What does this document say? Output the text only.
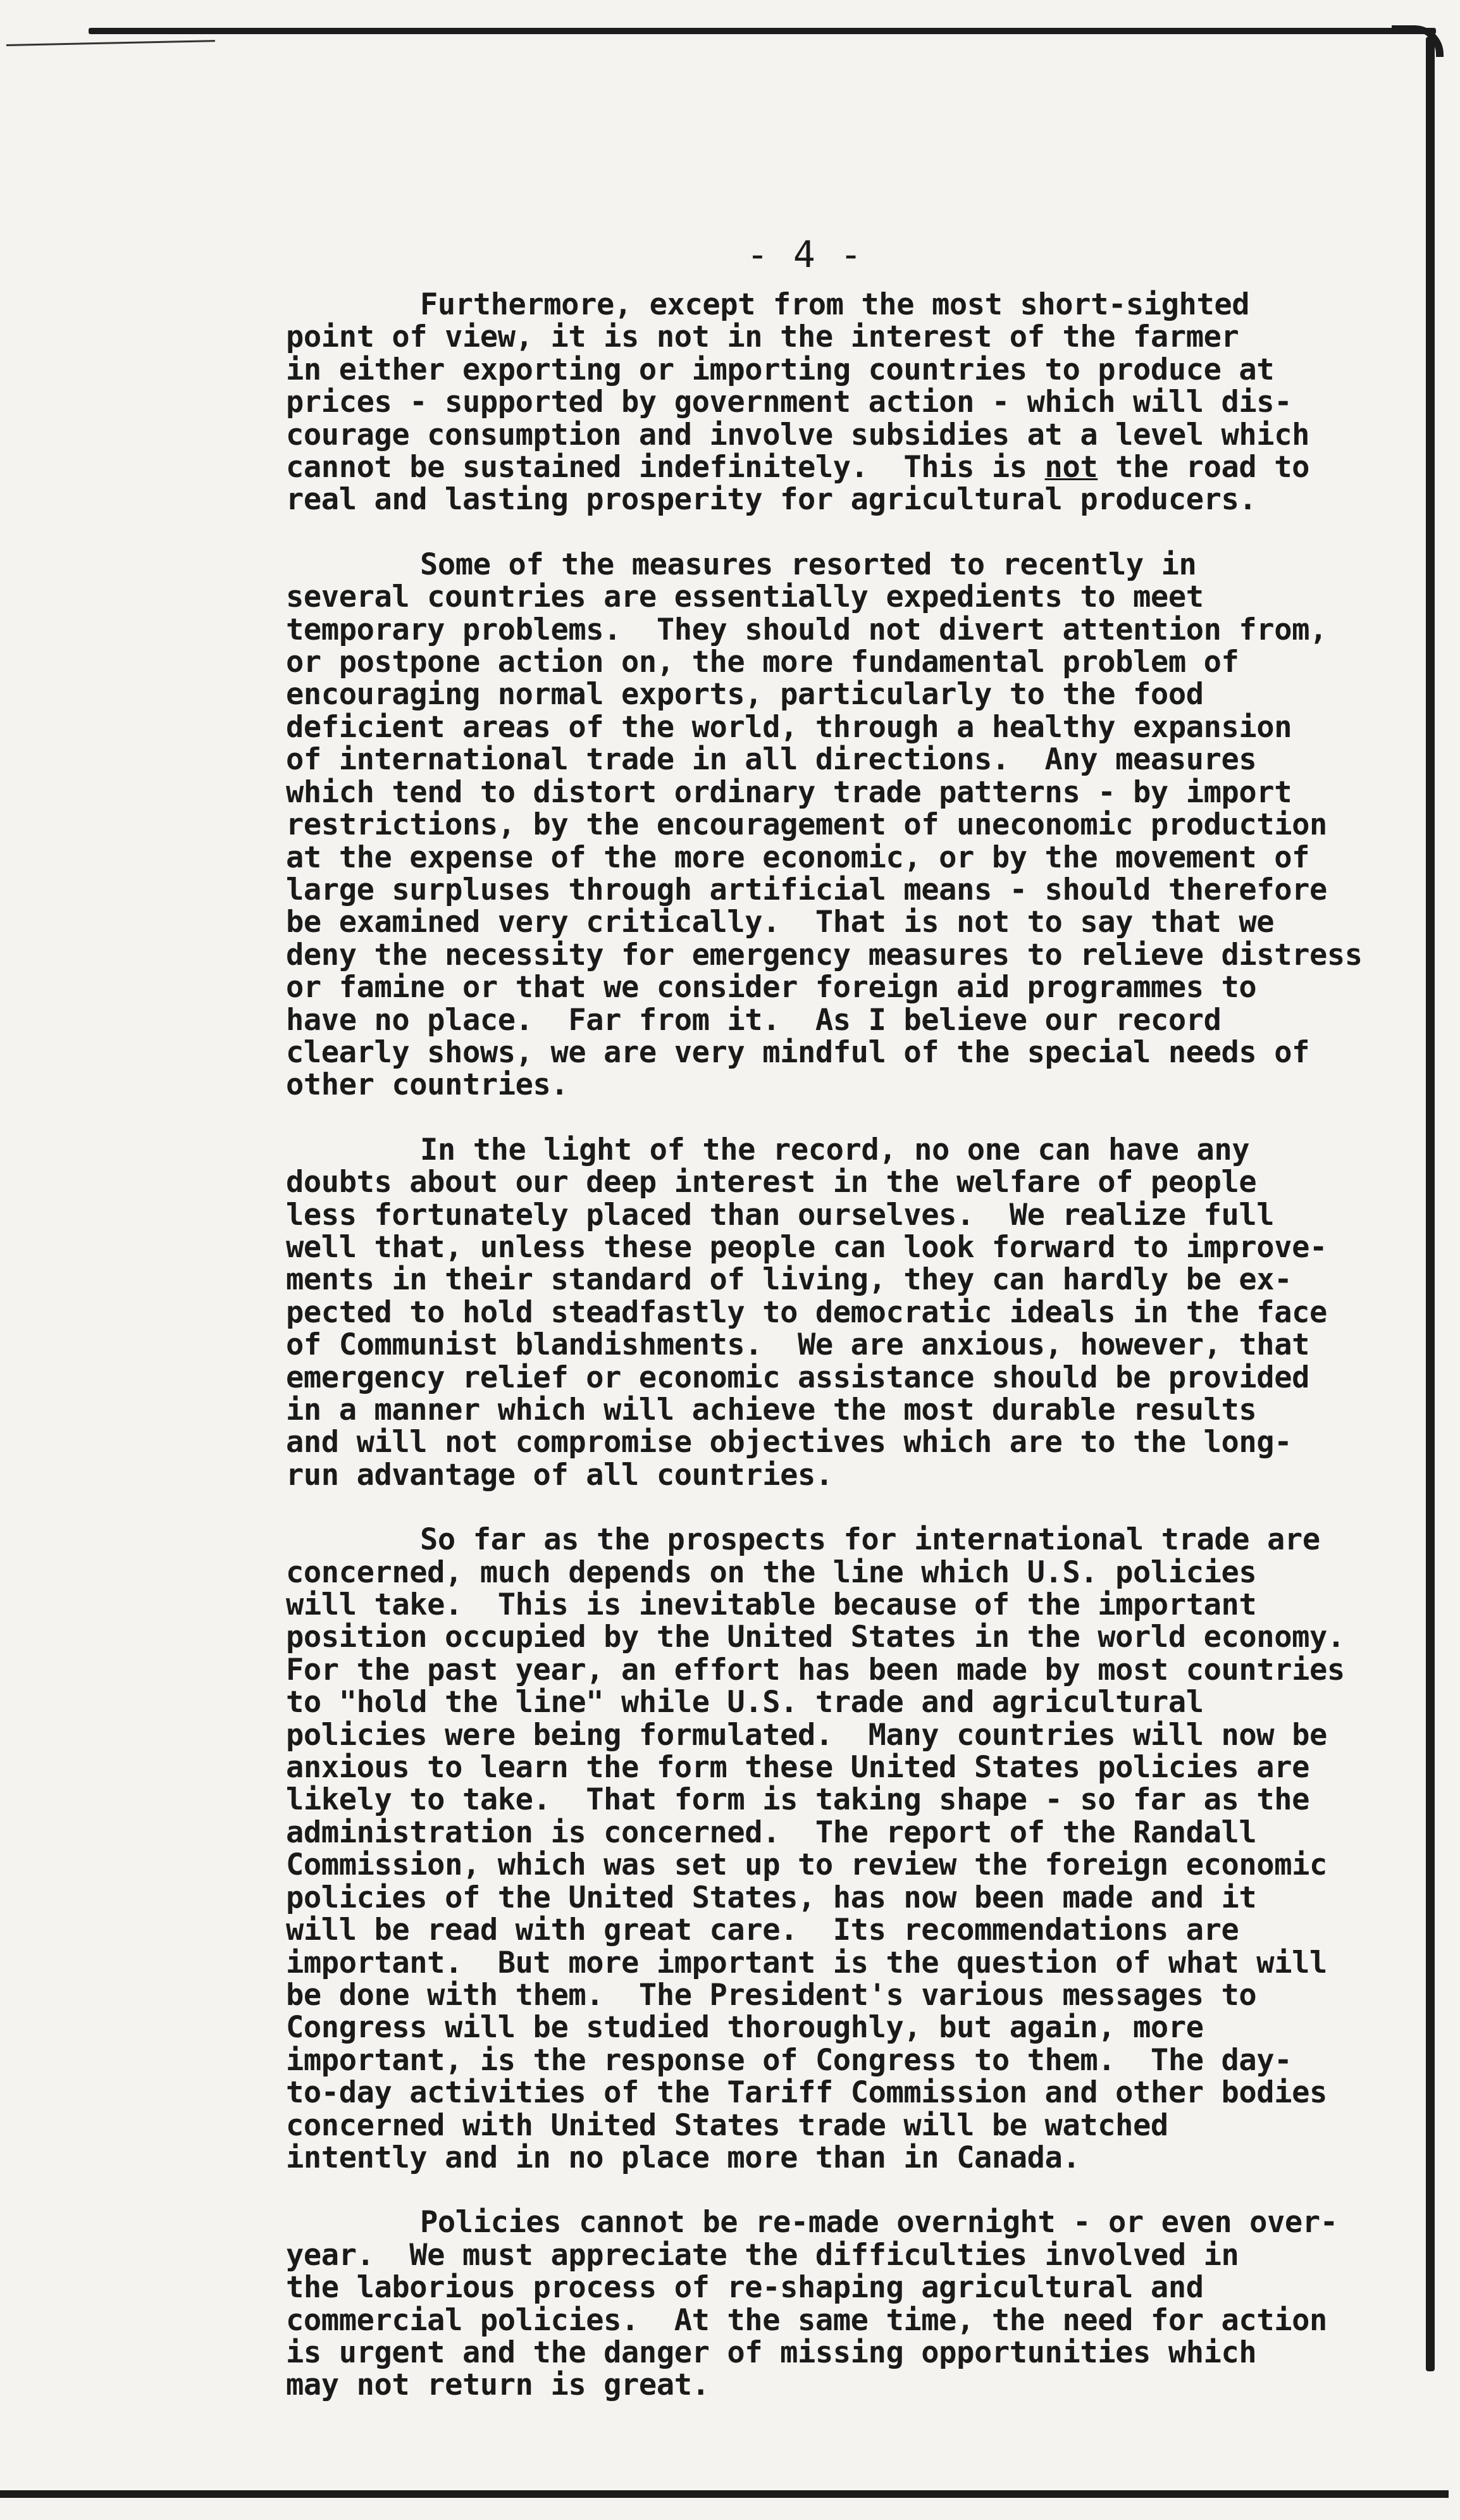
- 4 -
Furthermore, except from the most short-sighted
point of view, it is not in the interest of the farmer
in either exporting or importing countries to produce at
prices - supported by government action - which will dis-
courage consumption and involve subsidies at a level which
cannot be sustained indefinitely.  This is not the road to
real and lasting prosperity for agricultural producers.
Some of the measures resorted to recently in
several countries are essentially expedients to meet
temporary problems.  They should not divert attention from,
or postpone action on, the more fundamental problem of
encouraging normal exports, particularly to the food
deficient areas of the world, through a healthy expansion
of international trade in all directions.  Any measures
which tend to distort ordinary trade patterns - by import
restrictions, by the encouragement of uneconomic production
at the expense of the more economic, or by the movement of
large surpluses through artificial means - should therefore
be examined very critically.  That is not to say that we
deny the necessity for emergency measures to relieve distress
or famine or that we consider foreign aid programmes to
have no place.  Far from it.  As I believe our record
clearly shows, we are very mindful of the special needs of
other countries.
In the light of the record, no one can have any
doubts about our deep interest in the welfare of people
less fortunately placed than ourselves.  We realize full
well that, unless these people can look forward to improve-
ments in their standard of living, they can hardly be ex-
pected to hold steadfastly to democratic ideals in the face
of Communist blandishments.  We are anxious, however, that
emergency relief or economic assistance should be provided
in a manner which will achieve the most durable results
and will not compromise objectives which are to the long-
run advantage of all countries.
So far as the prospects for international trade are
concerned, much depends on the line which U.S. policies
will take.  This is inevitable because of the important
position occupied by the United States in the world economy.
For the past year, an effort has been made by most countries
to "hold the line" while U.S. trade and agricultural
policies were being formulated.  Many countries will now be
anxious to learn the form these United States policies are
likely to take.  That form is taking shape - so far as the
administration is concerned.  The report of the Randall
Commission, which was set up to review the foreign economic
policies of the United States, has now been made and it
will be read with great care.  Its recommendations are
important.  But more important is the question of what will
be done with them.  The President's various messages to
Congress will be studied thoroughly, but again, more
important, is the response of Congress to them.  The day-
to-day activities of the Tariff Commission and other bodies
concerned with United States trade will be watched
intently and in no place more than in Canada.
Policies cannot be re-made overnight - or even over-
year.  We must appreciate the difficulties involved in
the laborious process of re-shaping agricultural and
commercial policies.  At the same time, the need for action
is urgent and the danger of missing opportunities which
may not return is great.
